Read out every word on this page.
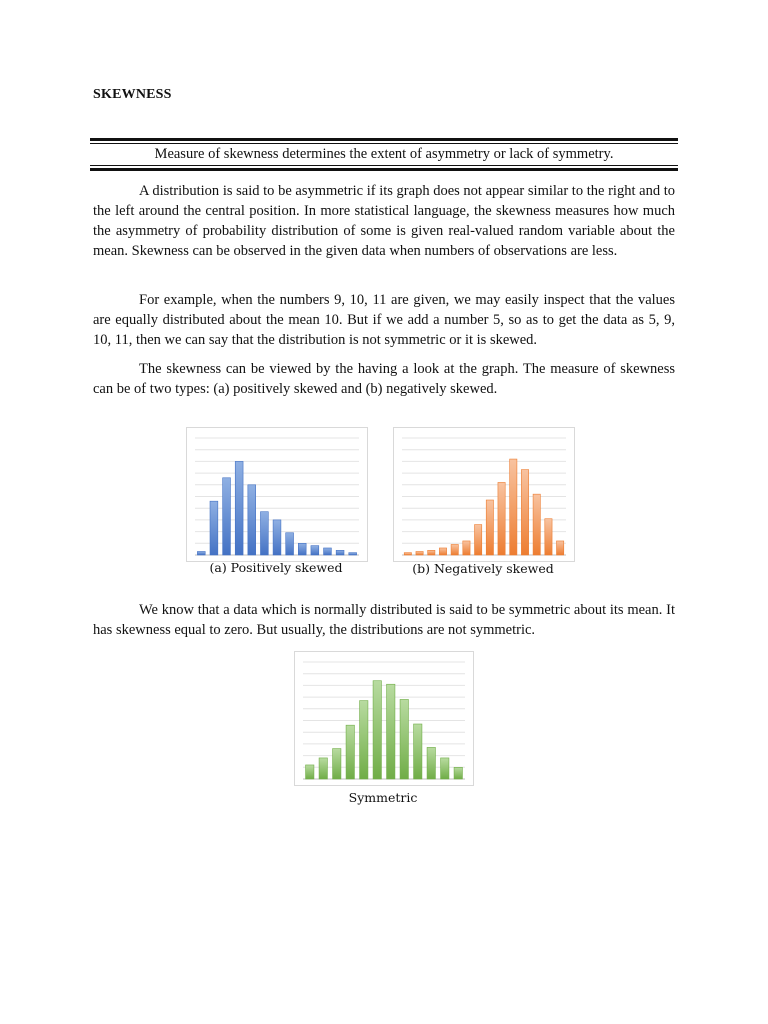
SKEWNESS
Measure of skewness determines the extent of asymmetry or lack of symmetry.

A distribution is said to be asymmetric if its graph does not appear similar to the right and to the left around the central position. In more statistical language, the skewness measures how much the asymmetry of probability distribution of some is given real-valued random variable about the mean. Skewness can be observed in the given data when numbers of observations are less.

For example, when the numbers 9, 10, 11 are given, we may easily inspect that the values are equally distributed about the mean 10. But if we add a number 5, so as to get the data as 5, 9, 10, 11, then we can say that the distribution is not symmetric or it is skewed.

The skewness can be viewed by the having a look at the graph. The measure of skewness can be of two types: (a) positively skewed and (b) negatively skewed.

(a) Positively skewed	(b) Negatively skewed

We know that a data which is normally distributed is said to be symmetric about its mean. It has skewness equal to zero. But usually, the distributions are not symmetric.

Symmetric
